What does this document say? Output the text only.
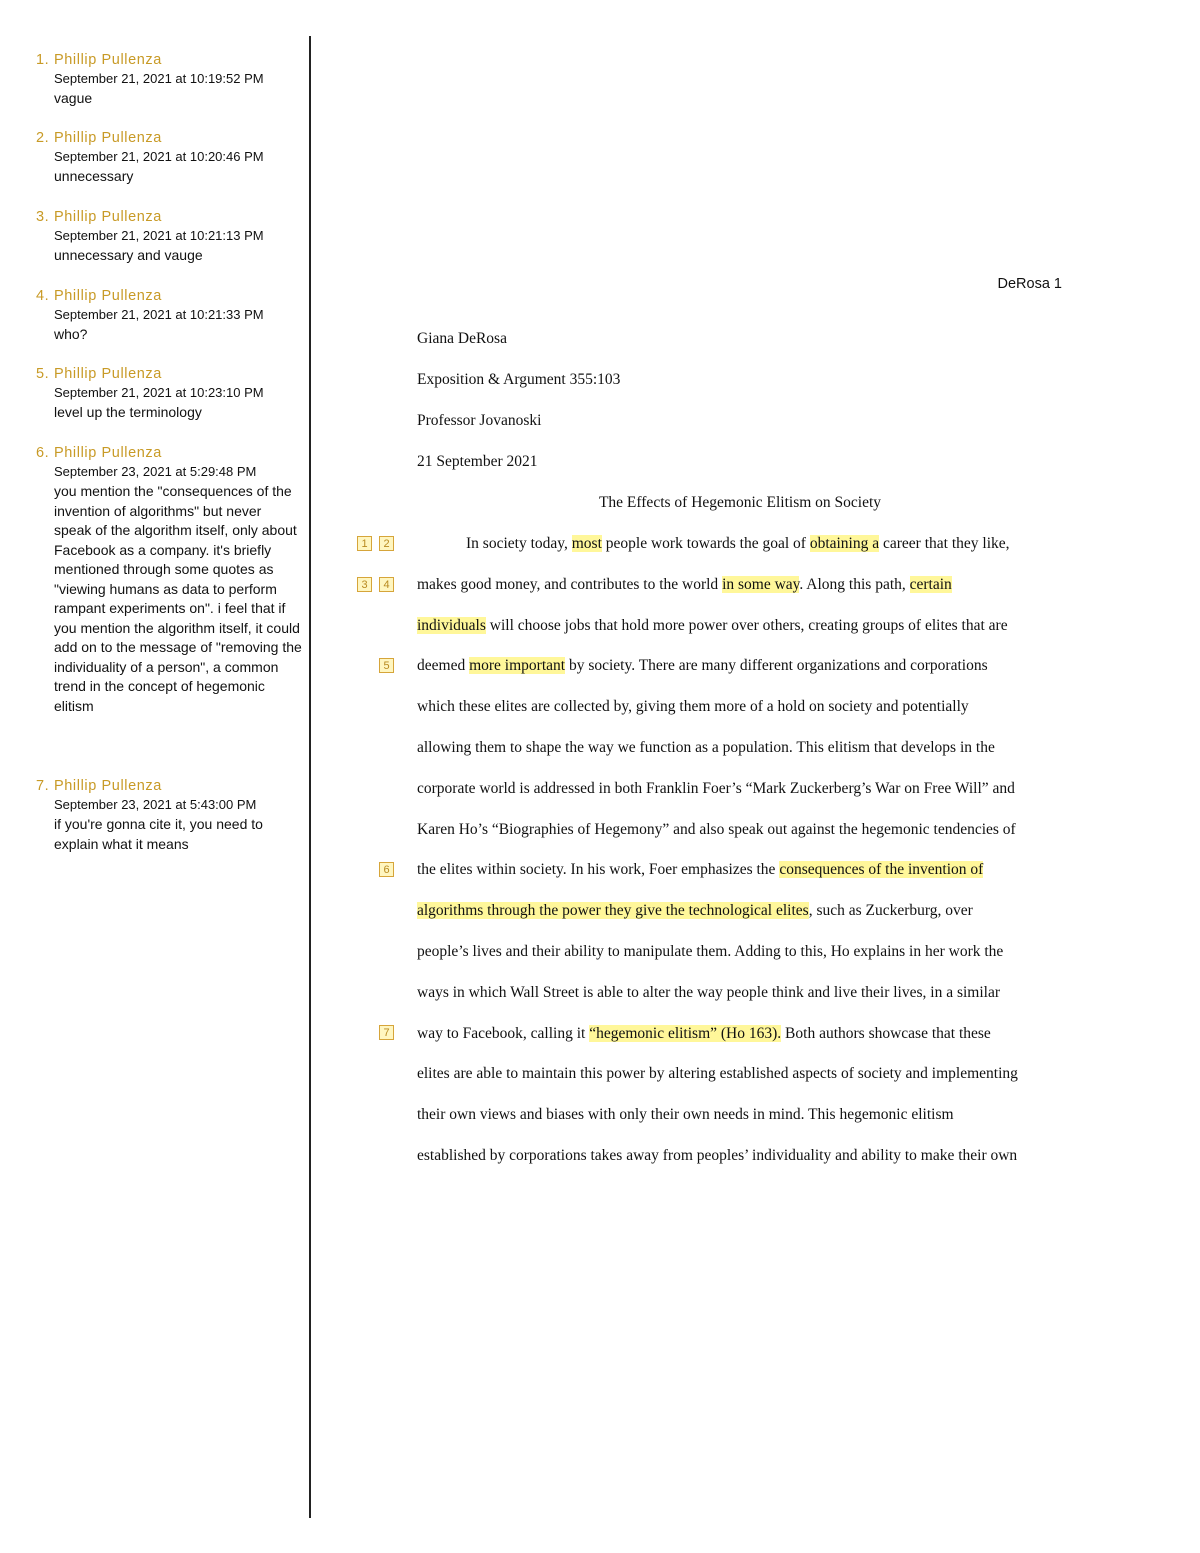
1. Phillip Pullenza
September 21, 2021 at 10:19:52 PM
vague
2. Phillip Pullenza
September 21, 2021 at 10:20:46 PM
unnecessary
3. Phillip Pullenza
September 21, 2021 at 10:21:13 PM
unnecessary and vauge
4. Phillip Pullenza
September 21, 2021 at 10:21:33 PM
who?
5. Phillip Pullenza
September 21, 2021 at 10:23:10 PM
level up the terminology
6. Phillip Pullenza
September 23, 2021 at 5:29:48 PM
you mention the "consequences of the invention of algorithms" but never speak of the algorithm itself, only about Facebook as a company. it's briefly mentioned through some quotes as "viewing humans as data to perform rampant experiments on". i feel that if you mention the algorithm itself, it could add on to the message of "removing the individuality of a person", a common trend in the concept of hegemonic elitism
7. Phillip Pullenza
September 23, 2021 at 5:43:00 PM
if you're gonna cite it, you need to explain what it means
DeRosa 1
Giana DeRosa
Exposition & Argument 355:103
Professor Jovanoski
21 September 2021
The Effects of Hegemonic Elitism on Society
In society today, most people work towards the goal of obtaining a career that they like,
makes good money, and contributes to the world in some way. Along this path, certain
individuals will choose jobs that hold more power over others, creating groups of elites that are
deemed more important by society. There are many different organizations and corporations
which these elites are collected by, giving them more of a hold on society and potentially
allowing them to shape the way we function as a population. This elitism that develops in the
corporate world is addressed in both Franklin Foer’s “Mark Zuckerberg’s War on Free Will” and
Karen Ho’s “Biographies of Hegemony” and also speak out against the hegemonic tendencies of
the elites within society. In his work, Foer emphasizes the consequences of the invention of
algorithms through the power they give the technological elites, such as Zuckerburg, over
people’s lives and their ability to manipulate them. Adding to this, Ho explains in her work the
ways in which Wall Street is able to alter the way people think and live their lives, in a similar
way to Facebook, calling it “hegemonic elitism” (Ho 163). Both authors showcase that these
elites are able to maintain this power by altering established aspects of society and implementing
their own views and biases with only their own needs in mind. This hegemonic elitism
established by corporations takes away from peoples’ individuality and ability to make their own
1	2
3	4
5
6
7
